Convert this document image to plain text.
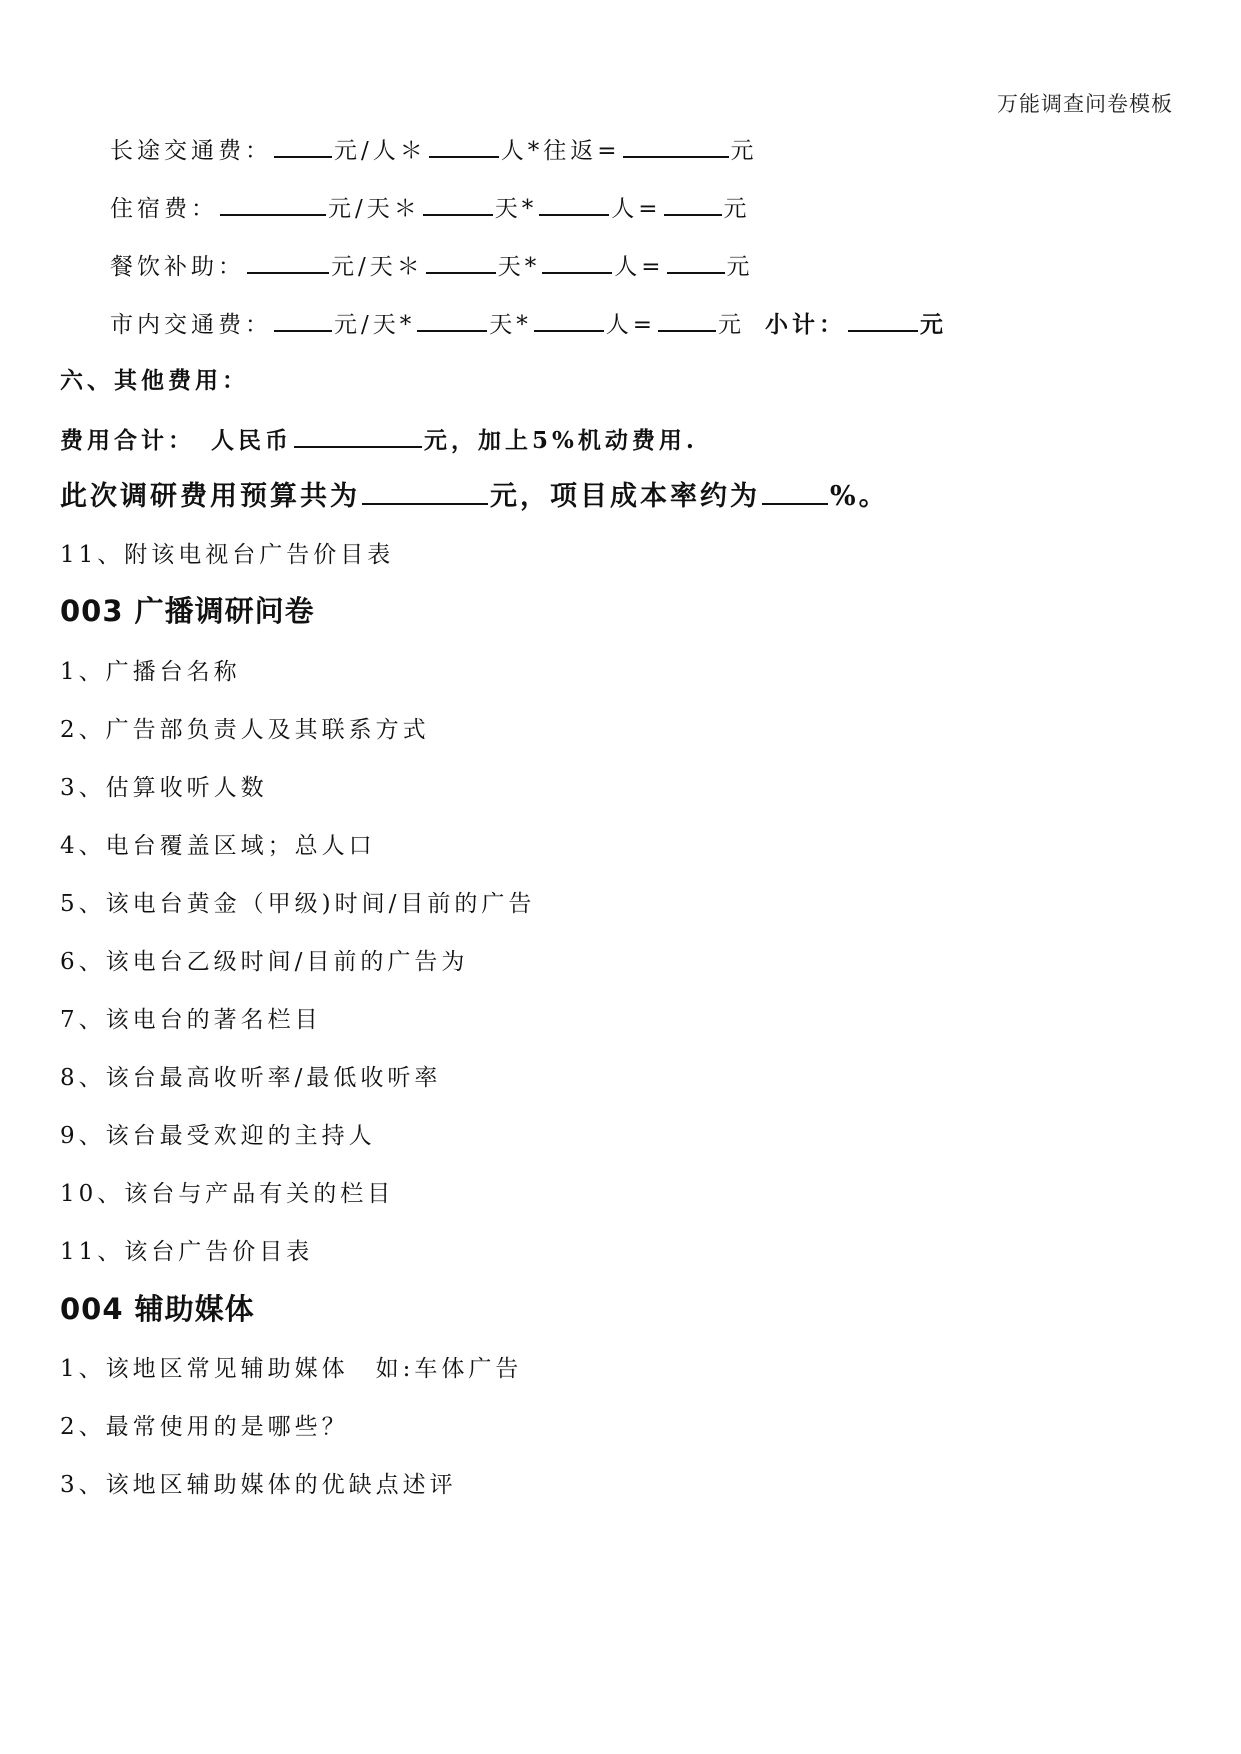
万能调查问卷模板
长途交通费：	元/人＊	人*往返=	元
住宿费：	元/天＊	天*	人=	元
餐饮补助：	元/天＊	天*	人=	元
市内交通费：	元/天*	天*	人=	元 小计：	元
六、其他费用：
费用合计： 人民币	元，加上5%机动费用.
此次调研费用预算共为	元，项目成本率约为	%。
11、附该电视台广告价目表
003 广播调研问卷
1、广播台名称
2、广告部负责人及其联系方式
3、估算收听人数
4、电台覆盖区域；总人口
5、该电台黄金（甲级)时间/目前的广告
6、该电台乙级时间/目前的广告为
7、该电台的著名栏目
8、该台最高收听率/最低收听率
9、该台最受欢迎的主持人
10、该台与产品有关的栏目
11、该台广告价目表
004 辅助媒体
1、该地区常见辅助媒体　如:车体广告
2、最常使用的是哪些？
3、该地区辅助媒体的优缺点述评
